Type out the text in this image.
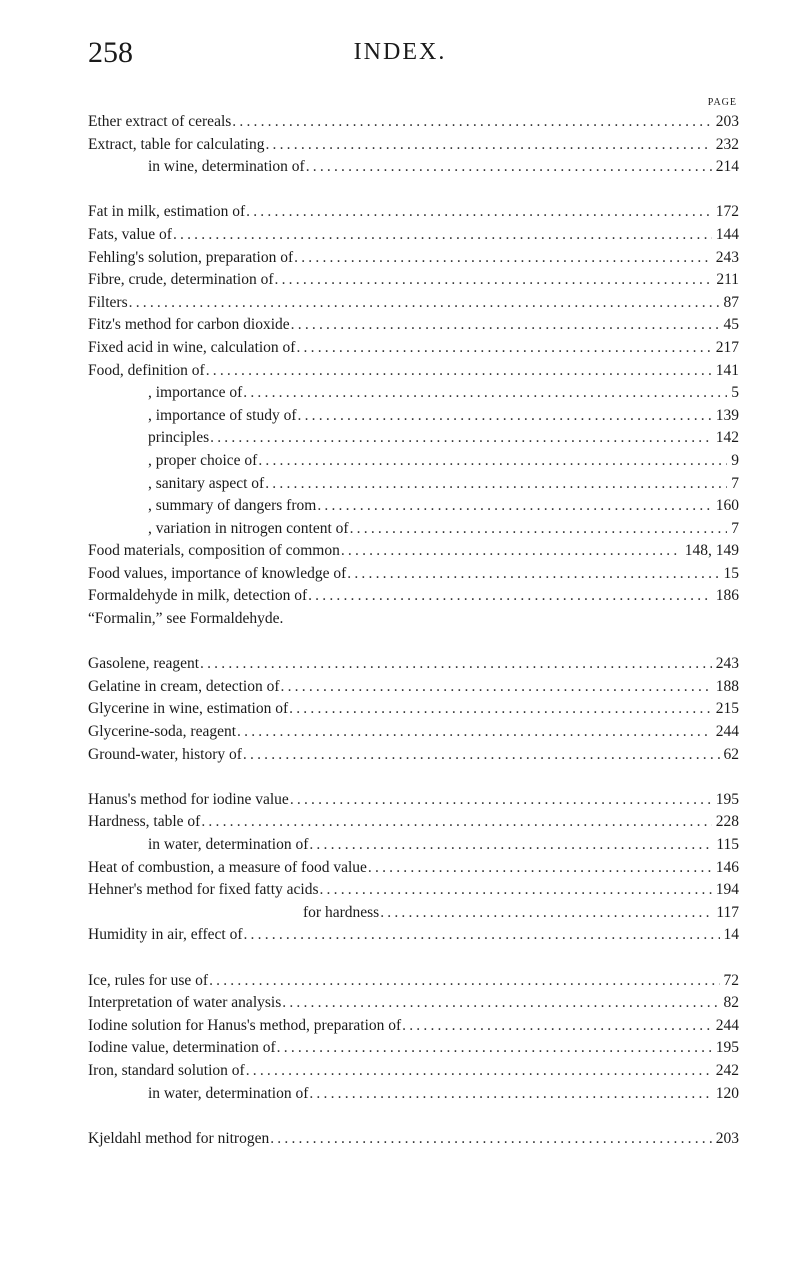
258	INDEX.
PAGE
Ether extract of cereals .....	203
Extract, table for calculating .....	232
in wine, determination of .....	214
Fat in milk, estimation of .....	172
Fats, value of .....	144
Fehling's solution, preparation of .....	243
Fibre, crude, determination of .....	211
Filters .....	87
Fitz's method for carbon dioxide .....	45
Fixed acid in wine, calculation of .....	217
Food, definition of .....	141
, importance of .....	5
, importance of study of .....	139
principles .....	142
, proper choice of .....	9
, sanitary aspect of .....	7
, summary of dangers from .....	160
, variation in nitrogen content of .....	7
Food materials, composition of common .....	148, 149
Food values, importance of knowledge of .....	15
Formaldehyde in milk, detection of .....	186
“Formalin,” see Formaldehyde.
Gasolene, reagent .....	243
Gelatine in cream, detection of .....	188
Glycerine in wine, estimation of .....	215
Glycerine-soda, reagent .....	244
Ground-water, history of .....	62
Hanus's method for iodine value .....	195
Hardness, table of .....	228
in water, determination of .....	115
Heat of combustion, a measure of food value .....	146
Hehner's method for fixed fatty acids .....	194
for hardness .....	117
Humidity in air, effect of .....	14
Ice, rules for use of .....	72
Interpretation of water analysis .....	82
Iodine solution for Hanus's method, preparation of .....	244
Iodine value, determination of .....	195
Iron, standard solution of .....	242
in water, determination of .....	120
Kjeldahl method for nitrogen .....	203
